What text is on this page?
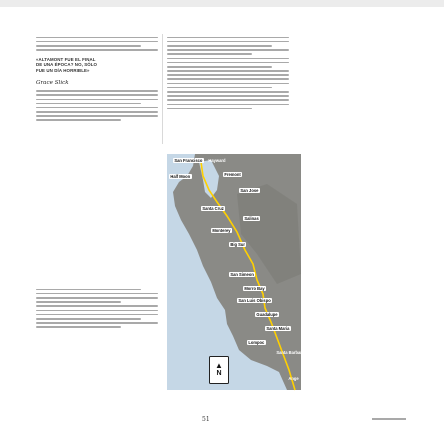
«ALTAMONT FUE EL FINAL
DE UNA ÉPOCA? NO, SÓLO
FUE UN DÍA HORRIBLE»
Grace Slick
San Francisco	Hayward
Half Moon	Fremont
San Jose
Santa Cruz
Salinas
Monterey
Big Sur
San Simeon
Morro Bay
San Luis Obispo
Guadalupe
Santa Maria
Lompoc
Santa Barbara
Ange
▲
N
51
